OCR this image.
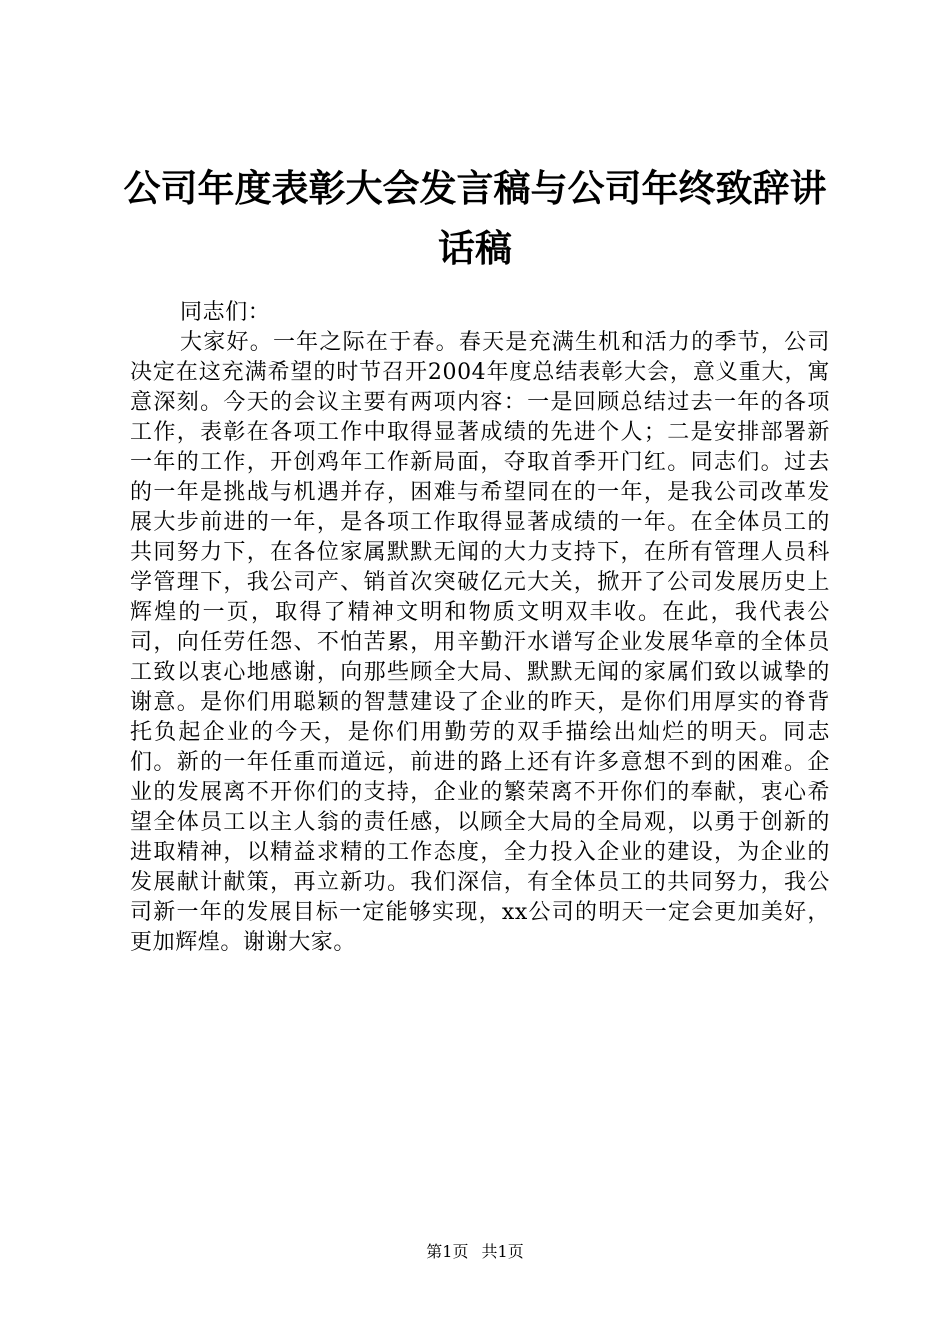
公司年度表彰大会发言稿与公司年终致辞讲话稿

同志们：

大家好。一年之际在于春。春天是充满生机和活力的季节，公司决定在这充满希望的时节召开2004年度总结表彰大会，意义重大，寓意深刻。今天的会议主要有两项内容：一是回顾总结过去一年的各项工作，表彰在各项工作中取得显著成绩的先进个人；二是安排部署新一年的工作，开创鸡年工作新局面，夺取首季开门红。同志们。过去的一年是挑战与机遇并存，困难与希望同在的一年，是我公司改革发展大步前进的一年，是各项工作取得显著成绩的一年。在全体员工的共同努力下，在各位家属默默无闻的大力支持下，在所有管理人员科学管理下，我公司产、销首次突破亿元大关，掀开了公司发展历史上辉煌的一页，取得了精神文明和物质文明双丰收。在此，我代表公司，向任劳任怨、不怕苦累，用辛勤汗水谱写企业发展华章的全体员工致以衷心地感谢，向那些顾全大局、默默无闻的家属们致以诚挚的谢意。是你们用聪颖的智慧建设了企业的昨天，是你们用厚实的脊背托负起企业的今天，是你们用勤劳的双手描绘出灿烂的明天。同志们。新的一年任重而道远，前进的路上还有许多意想不到的困难。企业的发展离不开你们的支持，企业的繁荣离不开你们的奉献，衷心希望全体员工以主人翁的责任感，以顾全大局的全局观，以勇于创新的进取精神，以精益求精的工作态度，全力投入企业的建设，为企业的发展献计献策，再立新功。我们深信，有全体员工的共同努力，我公司新一年的发展目标一定能够实现，xx公司的明天一定会更加美好，更加辉煌。谢谢大家。

第1页 共1页
